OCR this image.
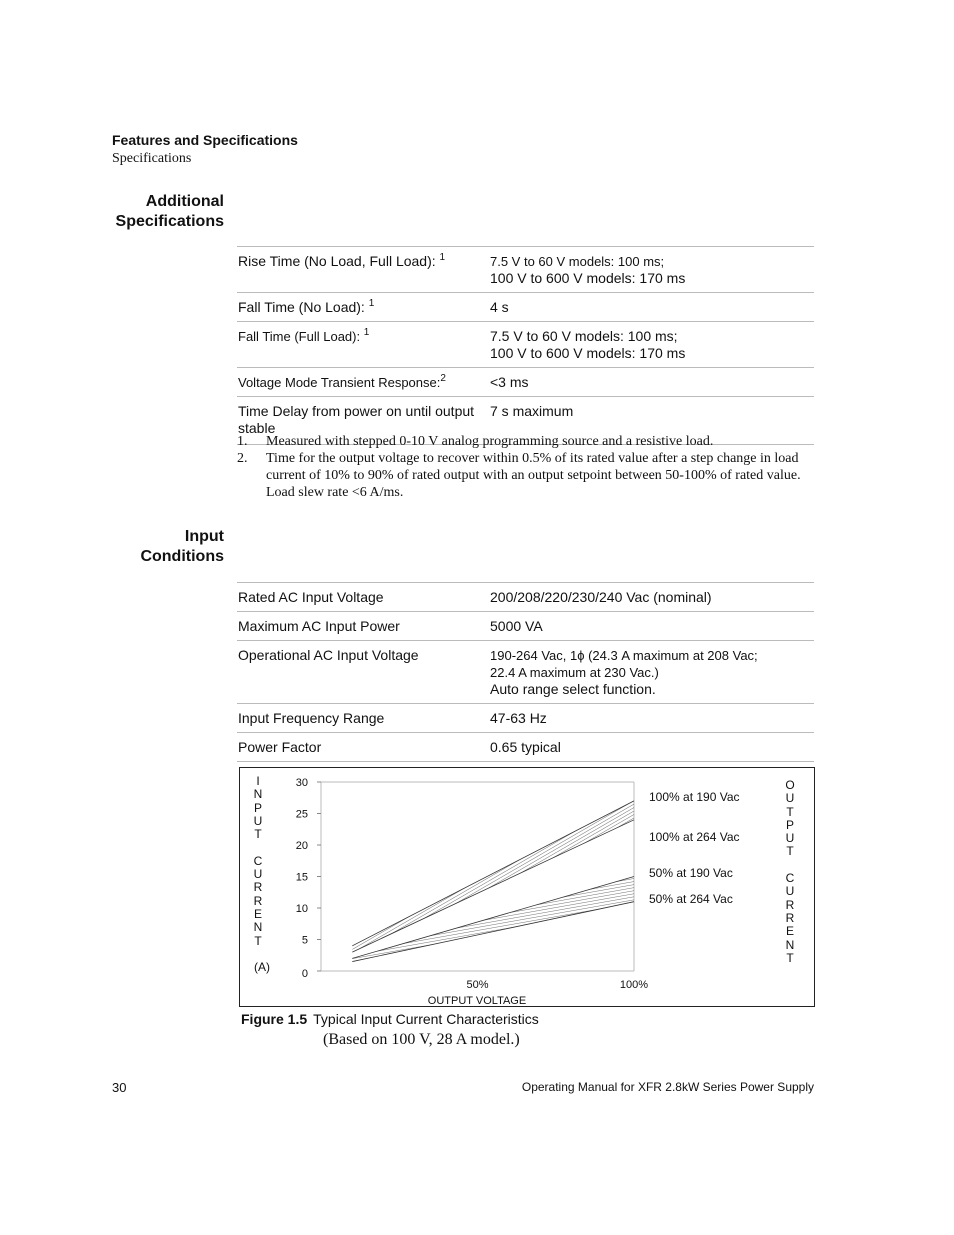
Features and Specifications
Specifications
Additional
Specifications
Rise Time (No Load, Full Load): $^1$	7.5 V to 60 V models: 100 ms;
100 V to 600 V models: 170 ms

Fall Time (No Load): $^1$	4 s

Fall Time (Full Load): $^1$	7.5 V to 60 V models: 100 ms;
100 V to 600 V models: 170 ms

Voltage Mode Transient Response:$^2$	<3 ms

Time Delay from power on until output stable	7 s maximum
1.	Measured with stepped 0-10 V analog programming source and a resistive load.
2.	Time for the output voltage to recover within 0.5% of its rated value after a step change in load current of 10% to 90% of rated output with an output setpoint between 50-100% of rated value. Load slew rate <6 A/ms.
Input
Conditions
Rated AC Input Voltage	200/208/220/230/240 Vac (nominal)

Maximum AC Input Power	5000 VA

Operational AC Input Voltage	190-264 Vac, 1ϕ (24.3 A maximum at 208 Vac;
22.4 A maximum at 230 Vac.)
Auto range select function.

Input Frequency Range	47-63 Hz

Power Factor	0.65 typical
I
N
P
U
T
C
U
R
R
E
N
T
(A)
O
U
T
P
U
T
C
U
R
R
E
N
T
30
25
20
15
10
5
0
50%	100%
OUTPUT VOLTAGE
100% at 190 Vac
100% at 264 Vac
50% at 190 Vac
50% at 264 Vac
Figure 1.5 Typical Input Current Characteristics
(Based on 100 V, 28 A model.)
30	Operating Manual for XFR 2.8kW Series Power Supply
